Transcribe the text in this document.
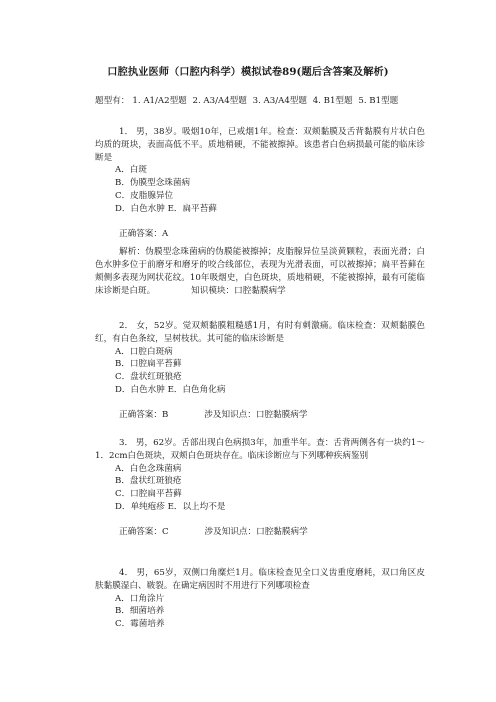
口腔执业医师（口腔内科学）模拟试卷89(题后含答案及解析)
题型有： 1. A1/A2型题 2. A3/A4型题 3. A3/A4型题 4. B1型题 5. B1型题
1． 男，38岁。吸烟10年，已戒烟1年。检查：双颊黏膜及舌背黏膜有片状白色均质的斑块，表面高低不平。质地稍硬，不能被擦掉。该患者白色病损最可能的临床诊断是
A．白斑
B．伪膜型念珠菌病
C．皮脂腺异位
D．白色水肿 E．扁平苔藓
正确答案：A
解析：伪膜型念珠菌病的伪膜能被擦掉；皮脂腺异位呈淡黄颗粒，表面光滑；白色水肿多位于前磨牙和磨牙的咬合线部位，表现为光滑表面，可以被擦掉；扁平苔藓在颊侧多表现为网状花纹。10年吸烟史，白色斑块，质地稍硬，不能被擦掉，最有可能临床诊断是白斑。	知识模块：口腔黏膜病学
2． 女，52岁。觉双颊黏膜粗糙感1月，有时有刺激痛。临床检查：双颊黏膜色红，有白色条纹，呈树枝状。其可能的临床诊断是
A．口腔白斑病
B．口腔扁平苔藓
C．盘状红斑狼疮
D．白色水肿 E．白色角化病
正确答案：B	涉及知识点：口腔黏膜病学
3． 男，62岁。舌部出现白色病损3年，加重半年。查：舌背两侧各有一块约1～1．2cm白色斑块，双颊白色斑块存在。临床诊断应与下列哪种疾病鉴别
A．白色念珠菌病
B．盘状红斑狼疮
C．口腔扁平苔藓
D．单纯疱疹 E．以上均不是
正确答案：C	涉及知识点：口腔黏膜病学
4． 男，65岁，双侧口角糜烂1月。临床检查见全口义齿重度磨耗，双口角区皮肤黏膜湿白、皲裂。在确定病因时不用进行下列哪项检查
A．口角涂片
B．细菌培养
C．霉菌培养
